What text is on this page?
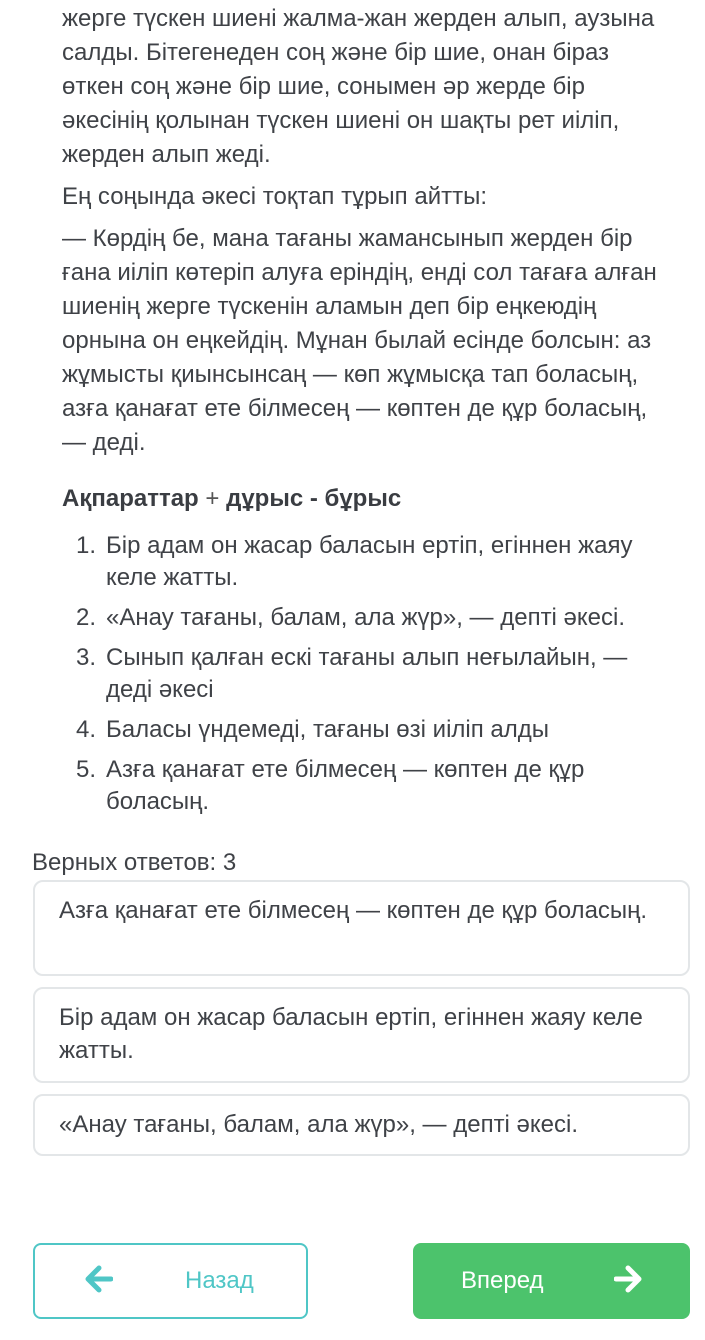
жерге түскен шиені жалма-жан жерден алып, аузына салды. Бітегенеден соң және бір шие, онан біраз өткен соң және бір шие, сонымен әр жерде бір әкесінің қолынан түскен шиені он шақты рет иіліп, жерден алып жеді.

Ең соңында әкесі тоқтап тұрып айтты:

— Көрдің бе, мана тағаны жамансынып жерден бір ғана иіліп көтеріп алуға еріндің, енді сол тағаға алған шиенің жерге түскенін аламын деп бір еңкеюдің орнына он еңкейдің. Мұнан былай есінде болсын: аз жұмысты қиынсынсаң — көп жұмысқа тап боласың, азға қанағат ете білмесең — көптен де құр боласың, — деді.

Ақпараттар + дұрыс - бұрыс
1. Бір адам он жасар баласын ертіп, егіннен жаяу келе жатты.
2. «Анау тағаны, балам, ала жүр», — депті әкесі.
3. Сынып қалған ескі тағаны алып неғылайын, — деді әкесі
4. Баласы үндемеді, тағаны өзі иіліп алды
5. Азға қанағат ете білмесең — көптен де құр боласың.
Верных ответов: 3
Азға қанағат ете білмесең — көптен де құр боласың.
Бір адам он жасар баласын ертіп, егіннен жаяу келе жатты.
«Анау тағаны, балам, ала жүр», — депті әкесі.
Назад	Вперед
